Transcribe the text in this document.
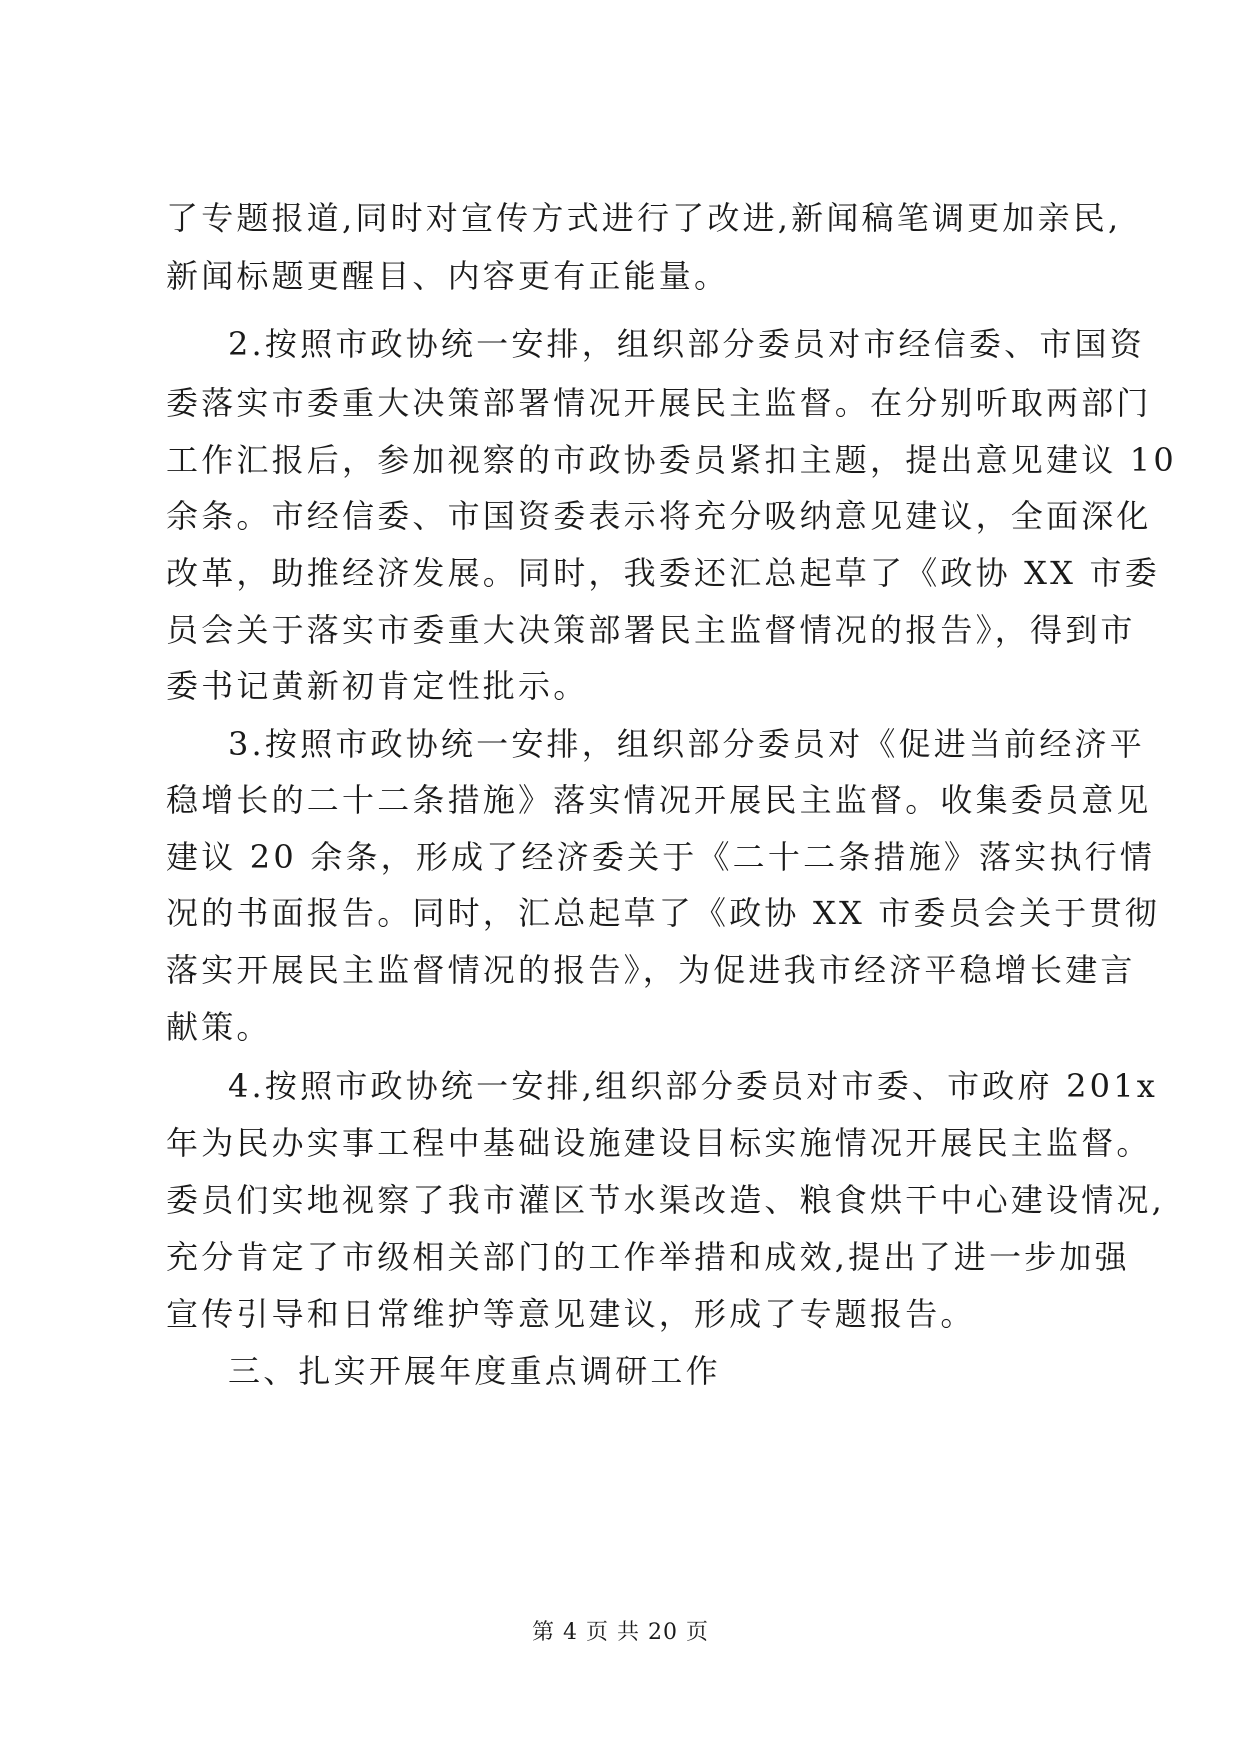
了专题报道,同时对宣传方式进行了改进,新闻稿笔调更加亲民,
新闻标题更醒目、内容更有正能量。
2.按照市政协统一安排，组织部分委员对市经信委、市国资
委落实市委重大决策部署情况开展民主监督。在分别听取两部门
工作汇报后，参加视察的市政协委员紧扣主题，提出意见建议 10
余条。市经信委、市国资委表示将充分吸纳意见建议，全面深化
改革，助推经济发展。同时，我委还汇总起草了《政协 XX 市委
员会关于落实市委重大决策部署民主监督情况的报告》，得到市
委书记黄新初肯定性批示。
3.按照市政协统一安排，组织部分委员对《促进当前经济平
稳增长的二十二条措施》落实情况开展民主监督。收集委员意见
建议 20 余条，形成了经济委关于《二十二条措施》落实执行情
况的书面报告。同时，汇总起草了《政协 XX 市委员会关于贯彻
落实开展民主监督情况的报告》，为促进我市经济平稳增长建言
献策。
4.按照市政协统一安排,组织部分委员对市委、市政府 201x
年为民办实事工程中基础设施建设目标实施情况开展民主监督。
委员们实地视察了我市灌区节水渠改造、粮食烘干中心建设情况,
充分肯定了市级相关部门的工作举措和成效,提出了进一步加强
宣传引导和日常维护等意见建议，形成了专题报告。
三、扎实开展年度重点调研工作
第 4 页 共 20 页
